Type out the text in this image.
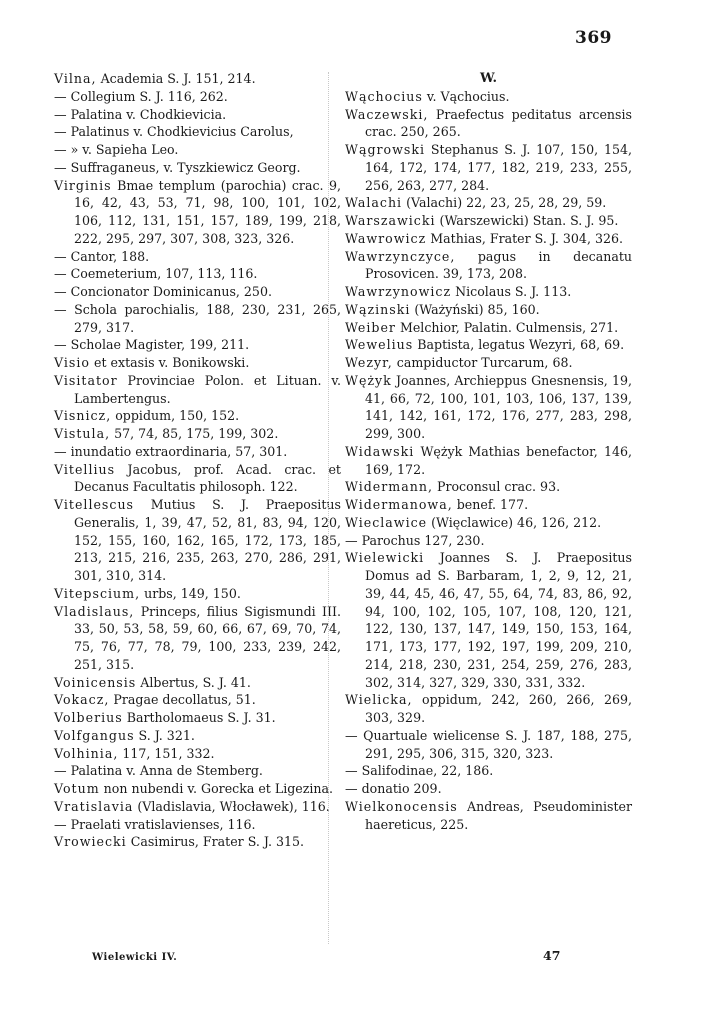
369
Vilna, Academia S. J. 151, 214.
— Collegium S. J. 116, 262.
— Palatina v. Chodkievicia.
— Palatinus v. Chodkievicius Carolus,
— » v. Sapieha Leo.
— Suffraganeus, v. Tyszkiewicz Georg.
Virginis Bmae templum (parochia) crac. 9, 16, 42, 43, 53, 71, 98, 100, 101, 102, 106, 112, 131, 151, 157, 189, 199, 218, 222, 295, 297, 307, 308, 323, 326.
— Cantor, 188.
— Coemeterium, 107, 113, 116.
— Concionator Dominicanus, 250.
— Schola parochialis, 188, 230, 231, 265, 279, 317.
— Scholae Magister, 199, 211.
Visio et extasis v. Bonikowski.
Visitator Provinciae Polon. et Lituan. v. Lambertengus.
Visnicz, oppidum, 150, 152.
Vistula, 57, 74, 85, 175, 199, 302.
— inundatio extraordinaria, 57, 301.
Vitellius Jacobus, prof. Acad. crac. et Decanus Facultatis philosoph. 122.
Vitellescus Mutius S. J. Praepositus Generalis, 1, 39, 47, 52, 81, 83, 94, 120, 152, 155, 160, 162, 165, 172, 173, 185, 213, 215, 216, 235, 263, 270, 286, 291, 301, 310, 314.
Vitepscium, urbs, 149, 150.
Vladislaus, Princeps, filius Sigismundi III. 33, 50, 53, 58, 59, 60, 66, 67, 69, 70, 74, 75, 76, 77, 78, 79, 100, 233, 239, 242, 251, 315.
Voinicensis Albertus, S. J. 41.
Vokacz, Pragae decollatus, 51.
Volberius Bartholomaeus S. J. 31.
Volfgangus S. J. 321.
Volhinia, 117, 151, 332.
— Palatina v. Anna de Stemberg.
Votum non nubendi v. Gorecka et Ligezina.
Vratislavia (Vladislavia, Włocławek), 116.
— Praelati vratislavienses, 116.
Vrowiecki Casimirus, Frater S. J. 315.
W.
Wąchocius v. Vąchocius.
Waczewski, Praefectus peditatus arcensis crac. 250, 265.
Wągrowski Stephanus S. J. 107, 150, 154, 164, 172, 174, 177, 182, 219, 233, 255, 256, 263, 277, 284.
Walachi (Valachi) 22, 23, 25, 28, 29, 59.
Warszawicki (Warszewicki) Stan. S. J. 95.
Wawrowicz Mathias, Frater S. J. 304, 326.
Wawrzynczyce, pagus in decanatu Prosovicen. 39, 173, 208.
Wawrzynowicz Nicolaus S. J. 113.
Wązinski (Ważyński) 85, 160.
Weiber Melchior, Palatin. Culmensis, 271.
Wewelius Baptista, legatus Wezyri, 68, 69.
Wezyr, campiductor Turcarum, 68.
Wężyk Joannes, Archieppus Gnesnensis, 19, 41, 66, 72, 100, 101, 103, 106, 137, 139, 141, 142, 161, 172, 176, 277, 283, 298, 299, 300.
Widawski Wężyk Mathias benefactor, 146, 169, 172.
Widermann, Proconsul crac. 93.
Widermanowa, benef. 177.
Wieclawice (Więclawice) 46, 126, 212.
— Parochus 127, 230.
Wielewicki Joannes S. J. Praepositus Domus ad S. Barbaram, 1, 2, 9, 12, 21, 39, 44, 45, 46, 47, 55, 64, 74, 83, 86, 92, 94, 100, 102, 105, 107, 108, 120, 121, 122, 130, 137, 147, 149, 150, 153, 164, 171, 173, 177, 192, 197, 199, 209, 210, 214, 218, 230, 231, 254, 259, 276, 283, 302, 314, 327, 329, 330, 331, 332.
Wielicka, oppidum, 242, 260, 266, 269, 303, 329.
— Quartuale wielicense S. J. 187, 188, 275, 291, 295, 306, 315, 320, 323.
— Salifodinae, 22, 186.
— donatio 209.
Wielkonocensis Andreas, Pseudominister haereticus, 225.
Wielewicki IV.	47
